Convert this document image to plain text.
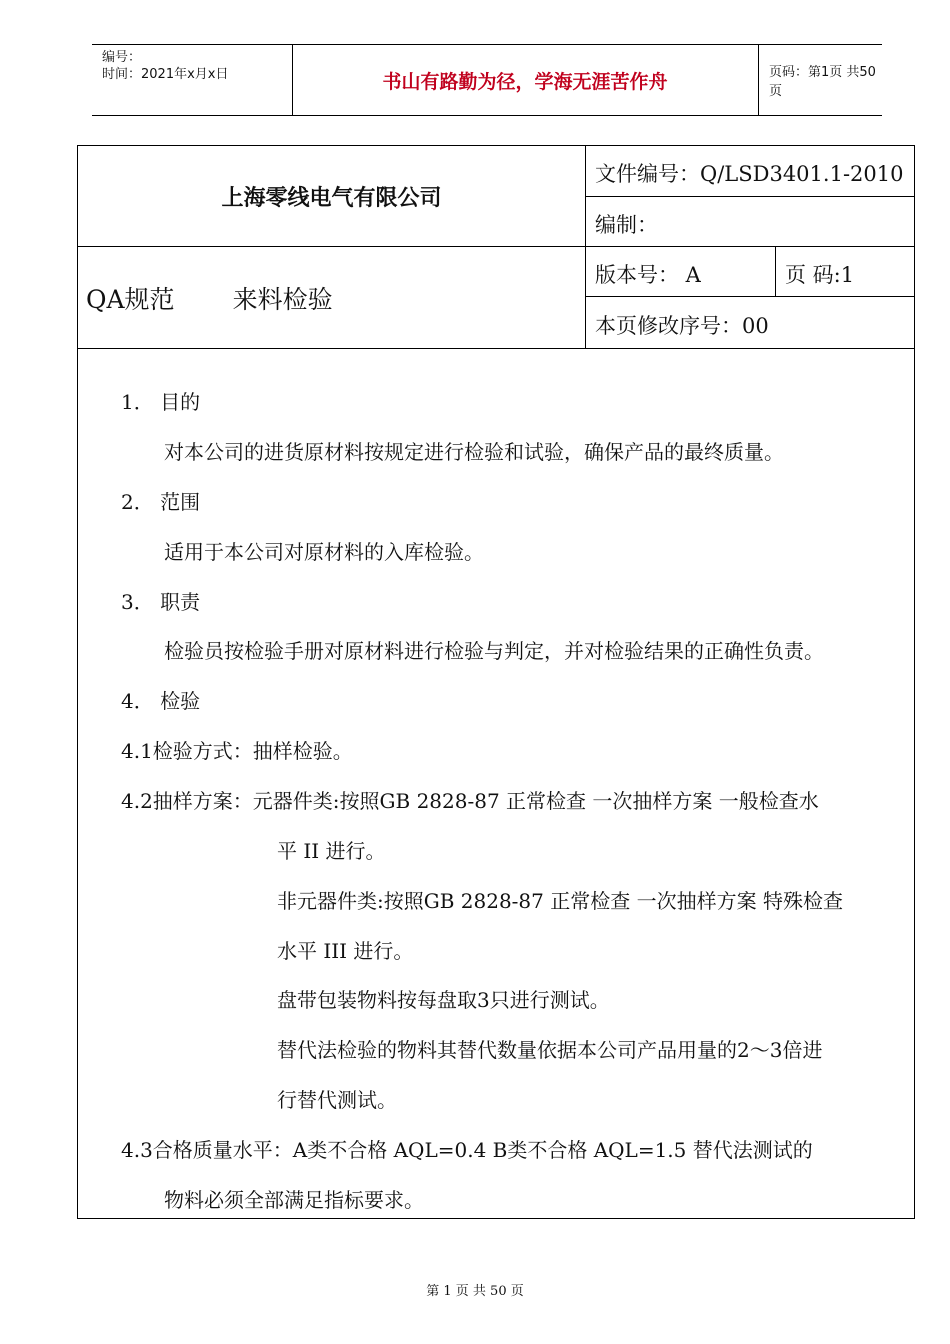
编号：
时间：2021年x月x日	书山有路勤为径，学海无涯苦作舟	页码：第1页 共50页
上海零线电气有限公司
文件编号：Q/LSD3401.1-2010
编制：
版本号： A	页 码:1
本页修改序号：00
QA规范 来料检验
1． 目的
对本公司的进货原材料按规定进行检验和试验，确保产品的最终质量。
2． 范围
适用于本公司对原材料的入库检验。
3． 职责
检验员按检验手册对原材料进行检验与判定，并对检验结果的正确性负责。
4． 检验
4.1检验方式：抽样检验。
4.2抽样方案：元器件类:按照GB 2828-87 正常检查 一次抽样方案 一般检查水
平 II 进行。
非元器件类:按照GB 2828-87 正常检查 一次抽样方案 特殊检查
水平 III 进行。
盘带包装物料按每盘取3只进行测试。
替代法检验的物料其替代数量依据本公司产品用量的2～3倍进
行替代测试。
4.3合格质量水平：A类不合格 AQL=0.4 B类不合格 AQL=1.5 替代法测试的
物料必须全部满足指标要求。
第 1 页 共 50 页
